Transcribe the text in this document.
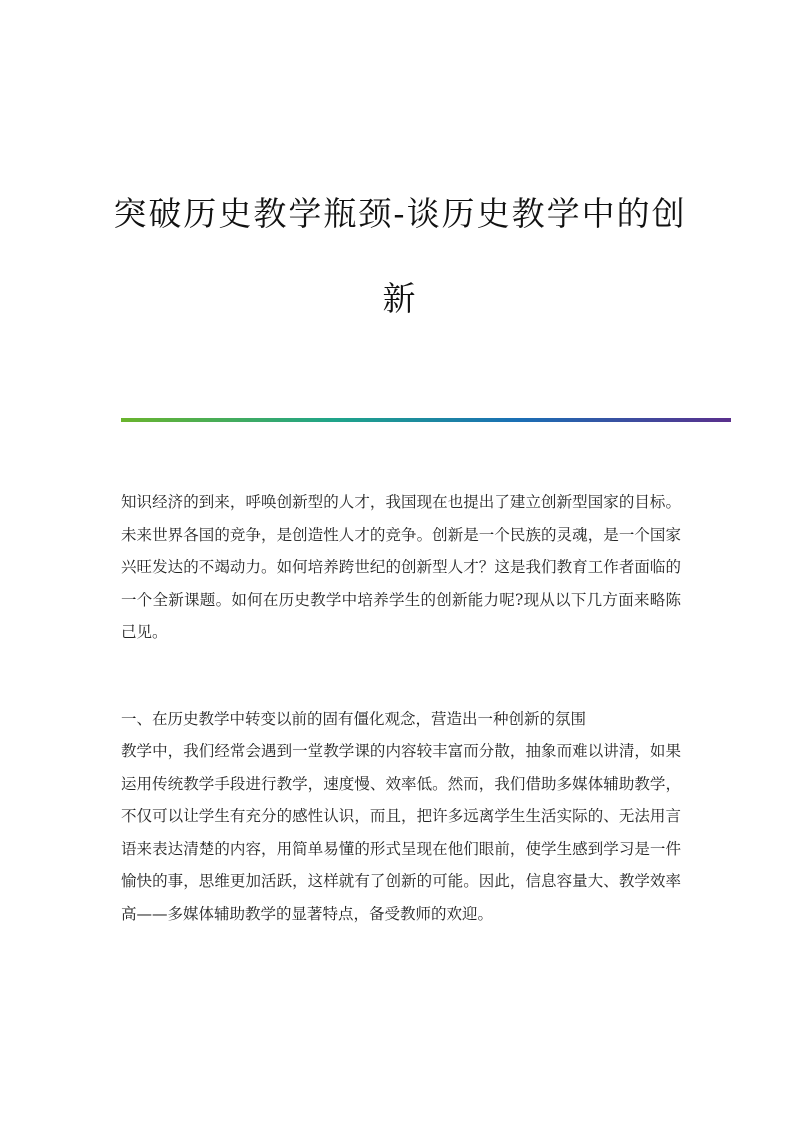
突破历史教学瓶颈-谈历史教学中的创
新

知识经济的到来，呼唤创新型的人才，我国现在也提出了建立创新型国家的目标。未来世界各国的竞争，是创造性人才的竞争。创新是一个民族的灵魂，是一个国家兴旺发达的不竭动力。如何培养跨世纪的创新型人才？这是我们教育工作者面临的一个全新课题。如何在历史教学中培养学生的创新能力呢?现从以下几方面来略陈己见。

一、在历史教学中转变以前的固有僵化观念，营造出一种创新的氛围

教学中，我们经常会遇到一堂教学课的内容较丰富而分散，抽象而难以讲清，如果运用传统教学手段进行教学，速度慢、效率低。然而，我们借助多媒体辅助教学，不仅可以让学生有充分的感性认识，而且，把许多远离学生生活实际的、无法用言语来表达清楚的内容，用简单易懂的形式呈现在他们眼前，使学生感到学习是一件愉快的事，思维更加活跃，这样就有了创新的可能。因此，信息容量大、教学效率高——多媒体辅助教学的显著特点，备受教师的欢迎。
